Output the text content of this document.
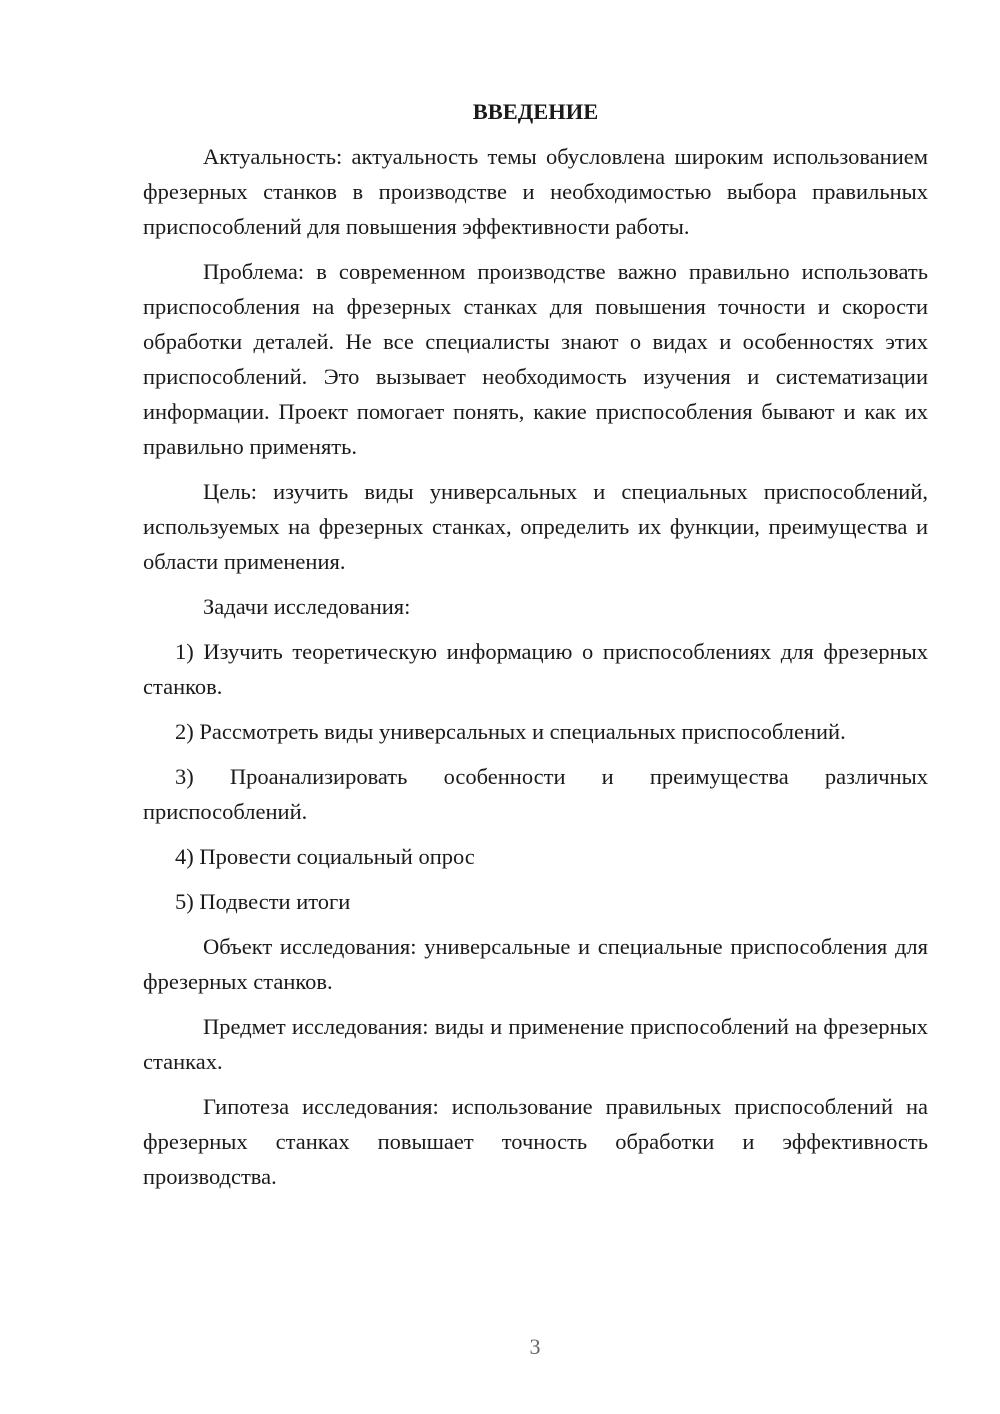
ВВЕДЕНИЕ

Актуальность: актуальность темы обусловлена широким использованием фрезерных станков в производстве и необходимостью выбора правильных приспособлений для повышения эффективности работы.

Проблема: в современном производстве важно правильно использовать приспособления на фрезерных станках для повышения точности и скорости обработки деталей. Не все специалисты знают о видах и особенностях этих приспособлений. Это вызывает необходимость изучения и систематизации информации. Проект помогает понять, какие приспособления бывают и как их правильно применять.

Цель: изучить виды универсальных и специальных приспособлений, используемых на фрезерных станках, определить их функции, преимущества и области применения.

Задачи исследования:

1) Изучить теоретическую информацию о приспособлениях для фрезерных станков.

2) Рассмотреть виды универсальных и специальных приспособлений.

3) Проанализировать особенности и преимущества различных приспособлений.

4) Провести социальный опрос

5) Подвести итоги

Объект исследования: универсальные и специальные приспособления для фрезерных станков.

Предмет исследования: виды и применение приспособлений на фрезерных станках.

Гипотеза исследования: использование правильных приспособлений на фрезерных станках повышает точность обработки и эффективность производства.

3
